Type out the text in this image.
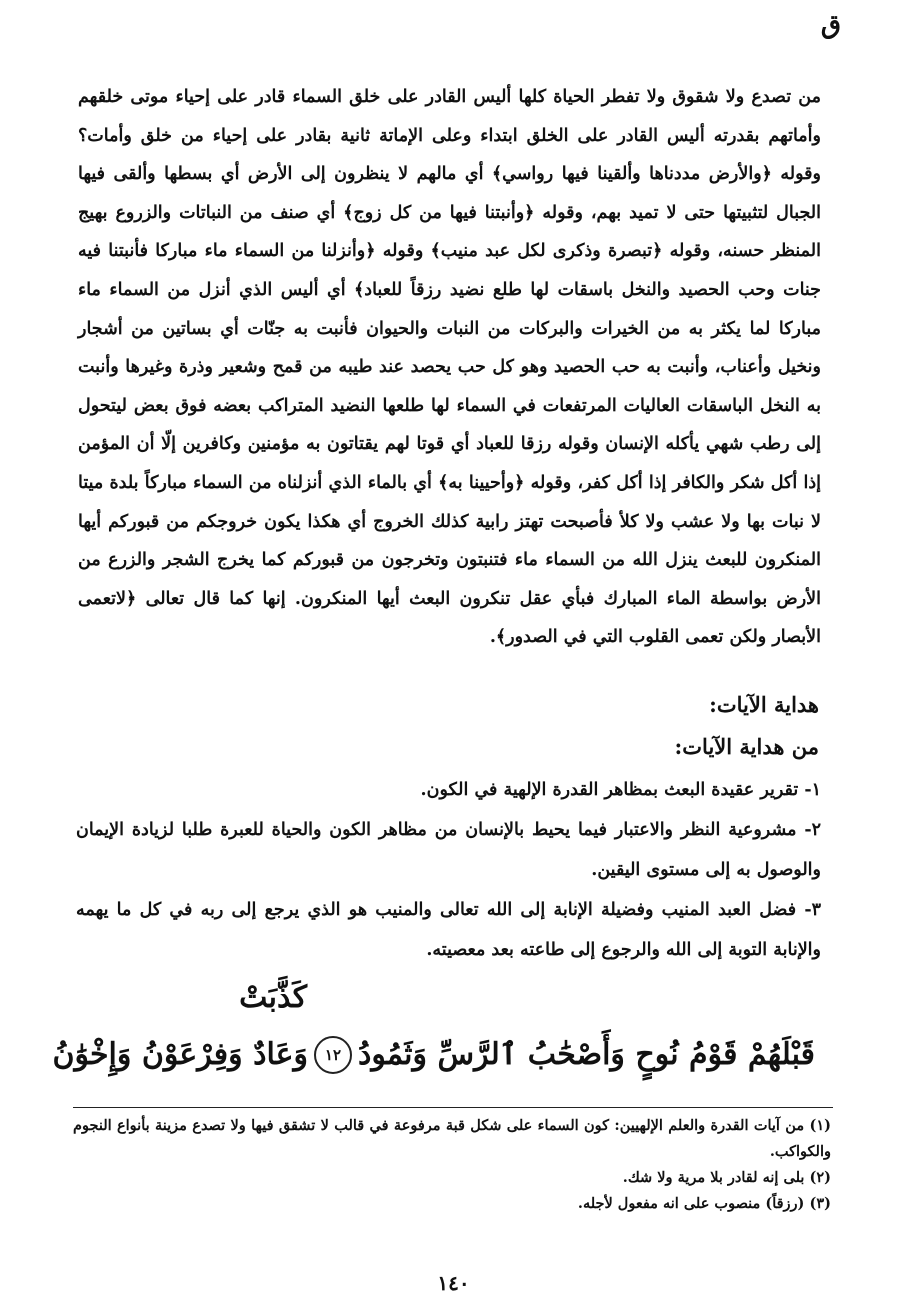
ق

من تصدع ولا شقوق ولا تفطر الحياة كلها أليس القادر على خلق السماء قادر على إحياء موتى خلقهم وأماتهم بقدرته أليس القادر على الخلق ابتداء وعلى الإماتة ثانية بقادر على إحياء من خلق وأمات؟ وقوله ﴿والأرض مددناها وألقينا فيها رواسي﴾ أي مالهم لا ينظرون إلى الأرض أي بسطها وألقى فيها الجبال لتثبيتها حتى لا تميد بهم، وقوله ﴿وأنبتنا فيها من كل زوج﴾ أي صنف من النباتات والزروع بهيج المنظر حسنه، وقوله ﴿تبصرة وذكرى لكل عبد منيب﴾ وقوله ﴿وأنزلنا من السماء ماء مباركا فأنبتنا فيه جنات وحب الحصيد والنخل باسقات لها طلع نضيد رزقاً للعباد﴾ أي أليس الذي أنزل من السماء ماء مباركا لما يكثر به من الخيرات والبركات من النبات والحيوان فأنبت به جنّات أي بساتين من أشجار ونخيل وأعناب، وأنبت به حب الحصيد وهو كل حب يحصد عند طيبه من قمح وشعير وذرة وغيرها وأنبت به النخل الباسقات العاليات المرتفعات في السماء لها طلعها النضيد المتراكب بعضه فوق بعض ليتحول إلى رطب شهي يأكله الإنسان وقوله رزقا للعباد أي قوتا لهم يقتاتون به مؤمنين وكافرين إلّا أن المؤمن إذا أكل شكر والكافر إذا أكل كفر، وقوله ﴿وأحيينا به﴾ أي بالماء الذي أنزلناه من السماء مباركاً بلدة ميتا لا نبات بها ولا عشب ولا كلأ فأصبحت تهتز رابية كذلك الخروج أي هكذا يكون خروجكم من قبوركم أيها المنكرون للبعث ينزل الله من السماء ماء فتنبتون وتخرجون من قبوركم كما يخرج الشجر والزرع من الأرض بواسطة الماء المبارك فبأي عقل تنكرون البعث أيها المنكرون. إنها كما قال تعالى ﴿لاتعمى الأبصار ولكن تعمى القلوب التي في الصدور﴾.

هداية الآيات:
من هداية الآيات:

١- تقرير عقيدة البعث بمظاهر القدرة الإلهية في الكون.

٢- مشروعية النظر والاعتبار فيما يحيط بالإنسان من مظاهر الكون والحياة للعبرة طلبا لزيادة الإيمان والوصول به إلى مستوى اليقين.

٣- فضل العبد المنيب وفضيلة الإنابة إلى الله تعالى والمنيب هو الذي يرجع إلى ربه في كل ما يهمه والإنابة التوبة إلى الله والرجوع إلى طاعته بعد معصيته.

كَذَّبَتْ
قَبْلَهُمْ قَوْمُ نُوحٍ وَأَصْحَٰبُ ٱلرَّسِّ وَثَمُودُ
١٢
وَعَادٌ وَفِرْعَوْنُ وَإِخْوَٰنُ

(١) من آيات القدرة والعلم الإلهيين: كون السماء على شكل قبة مرفوعة في قالب لا تشقق فيها ولا تصدع مزينة بأنواع النجوم والكواكب.

(٢) بلى إنه لقادر بلا مرية ولا شك.

(٣) (رزقاً) منصوب على انه مفعول لأجله.

١٤٠
